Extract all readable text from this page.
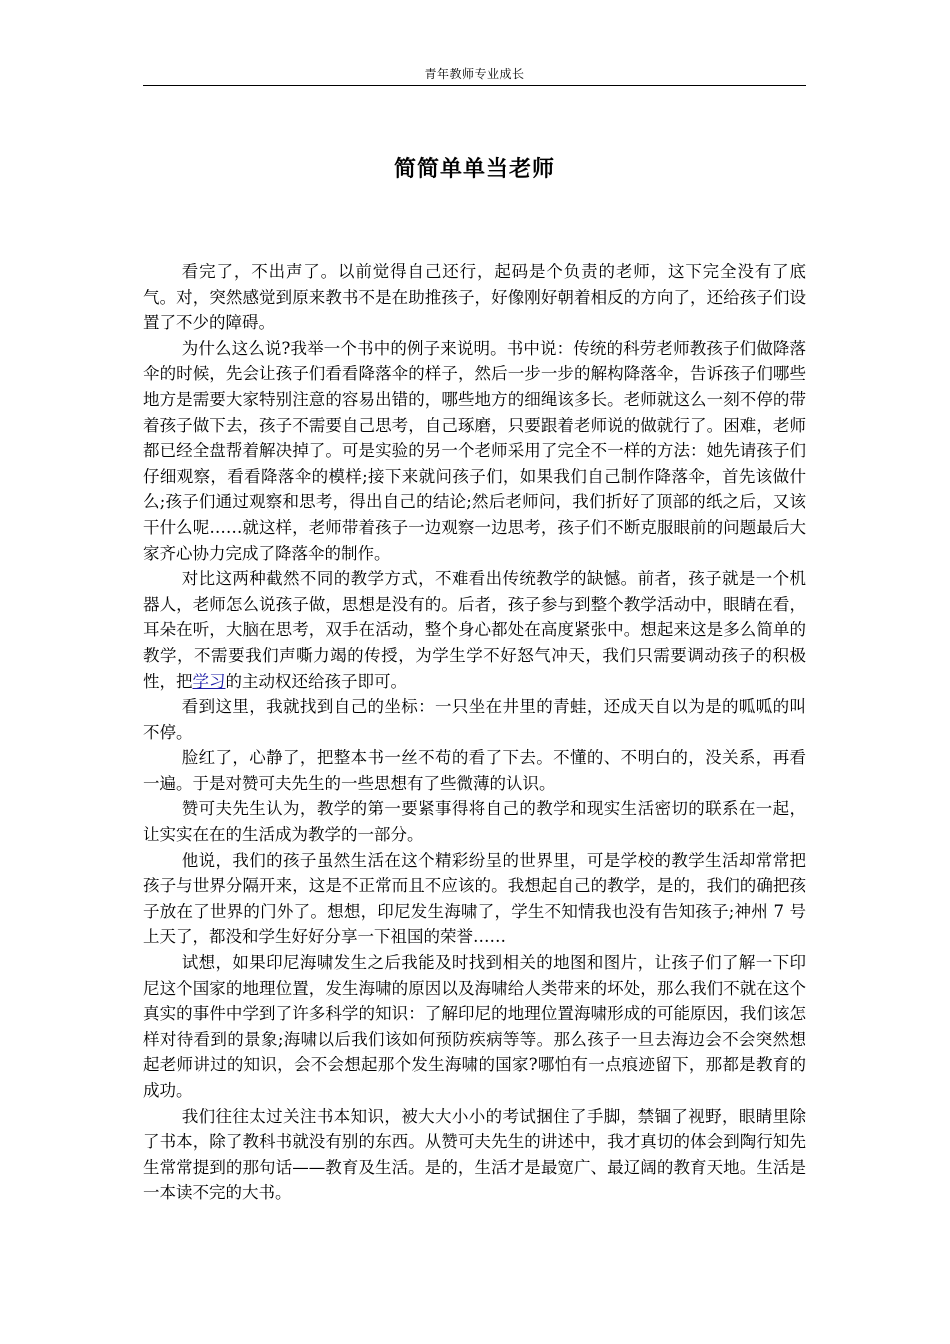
青年教师专业成长
简简单单当老师

看完了，不出声了。以前觉得自己还行，起码是个负责的老师，这下完全没有了底气。对，突然感觉到原来教书不是在助推孩子，好像刚好朝着相反的方向了，还给孩子们设置了不少的障碍。

为什么这么说?我举一个书中的例子来说明。书中说：传统的科劳老师教孩子们做降落伞的时候，先会让孩子们看看降落伞的样子，然后一步一步的解构降落伞，告诉孩子们哪些地方是需要大家特别注意的容易出错的，哪些地方的细绳该多长。老师就这么一刻不停的带着孩子做下去，孩子不需要自己思考，自己琢磨，只要跟着老师说的做就行了。困难，老师都已经全盘帮着解决掉了。可是实验的另一个老师采用了完全不一样的方法：她先请孩子们仔细观察，看看降落伞的模样;接下来就问孩子们，如果我们自己制作降落伞，首先该做什么;孩子们通过观察和思考，得出自己的结论;然后老师问，我们折好了顶部的纸之后，又该干什么呢……就这样，老师带着孩子一边观察一边思考，孩子们不断克服眼前的问题最后大家齐心协力完成了降落伞的制作。

对比这两种截然不同的教学方式，不难看出传统教学的缺憾。前者，孩子就是一个机器人，老师怎么说孩子做，思想是没有的。后者，孩子参与到整个教学活动中，眼睛在看，耳朵在听，大脑在思考，双手在活动，整个身心都处在高度紧张中。想起来这是多么简单的教学，不需要我们声嘶力竭的传授，为学生学不好怒气冲天，我们只需要调动孩子的积极性，把学习的主动权还给孩子即可。

看到这里，我就找到自己的坐标：一只坐在井里的青蛙，还成天自以为是的呱呱的叫不停。

脸红了，心静了，把整本书一丝不苟的看了下去。不懂的、不明白的，没关系，再看一遍。于是对赞可夫先生的一些思想有了些微薄的认识。

赞可夫先生认为，教学的第一要紧事得将自己的教学和现实生活密切的联系在一起，让实实在在的生活成为教学的一部分。

他说，我们的孩子虽然生活在这个精彩纷呈的世界里，可是学校的教学生活却常常把孩子与世界分隔开来，这是不正常而且不应该的。我想起自己的教学，是的，我们的确把孩子放在了世界的门外了。想想，印尼发生海啸了，学生不知情我也没有告知孩子;神州 7 号上天了，都没和学生好好分享一下祖国的荣誉……

试想，如果印尼海啸发生之后我能及时找到相关的地图和图片，让孩子们了解一下印尼这个国家的地理位置，发生海啸的原因以及海啸给人类带来的坏处，那么我们不就在这个真实的事件中学到了许多科学的知识：了解印尼的地理位置海啸形成的可能原因，我们该怎样对待看到的景象;海啸以后我们该如何预防疾病等等。那么孩子一旦去海边会不会突然想起老师讲过的知识，会不会想起那个发生海啸的国家?哪怕有一点痕迹留下，那都是教育的成功。

我们往往太过关注书本知识，被大大小小的考试捆住了手脚，禁锢了视野，眼睛里除了书本，除了教科书就没有别的东西。从赞可夫先生的讲述中，我才真切的体会到陶行知先生常常提到的那句话——教育及生活。是的，生活才是最宽广、最辽阔的教育天地。生活是一本读不完的大书。
